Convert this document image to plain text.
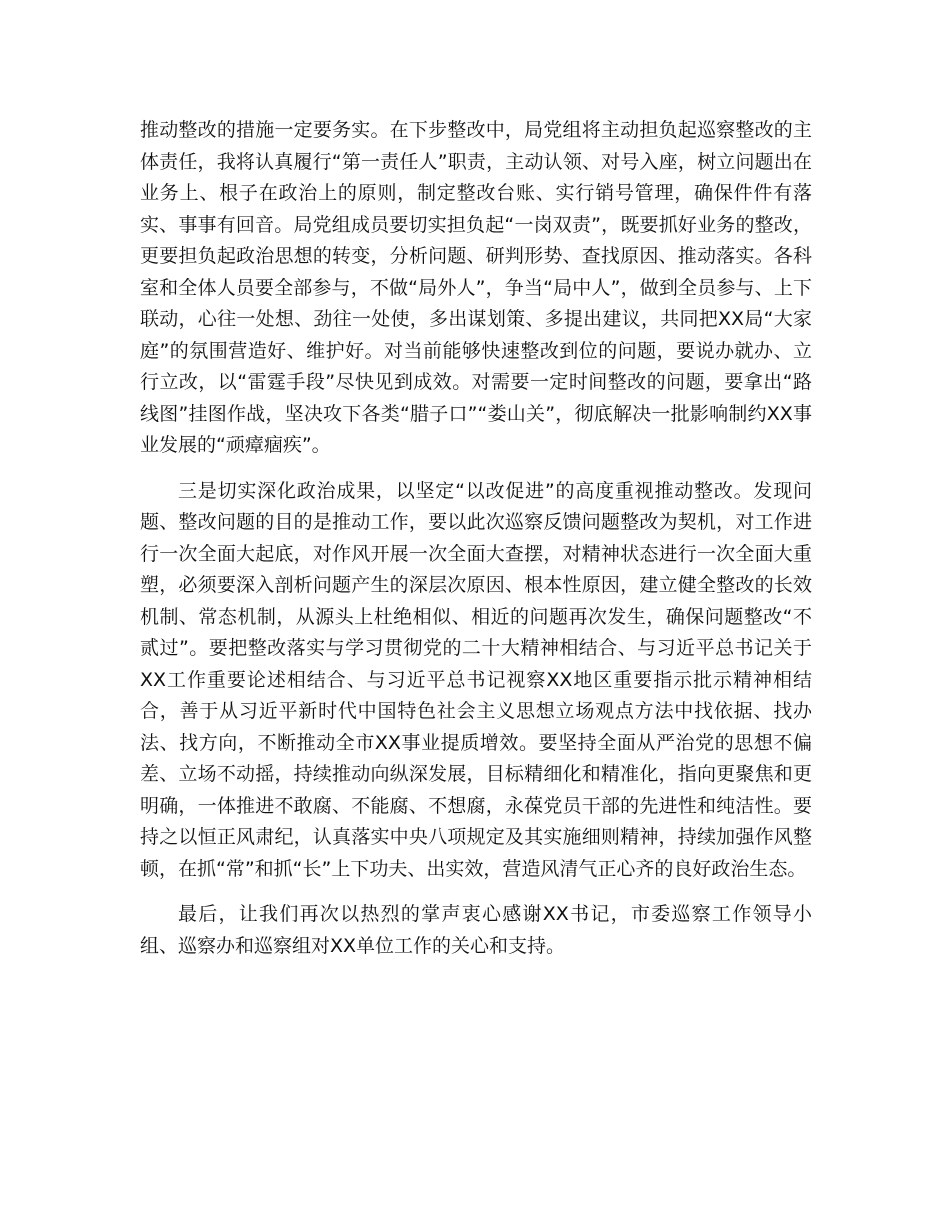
推动整改的措施一定要务实。在下步整改中，局党组将主动担负起巡察整改的主体责任，我将认真履行“第一责任人”职责，主动认领、对号入座，树立问题出在业务上、根子在政治上的原则，制定整改台账、实行销号管理，确保件件有落实、事事有回音。局党组成员要切实担负起“一岗双责”，既要抓好业务的整改，更要担负起政治思想的转变，分析问题、研判形势、查找原因、推动落实。各科室和全体人员要全部参与，不做“局外人”，争当“局中人”，做到全员参与、上下联动，心往一处想、劲往一处使，多出谋划策、多提出建议，共同把XX局“大家庭”的氛围营造好、维护好。对当前能够快速整改到位的问题，要说办就办、立行立改，以“雷霆手段”尽快见到成效。对需要一定时间整改的问题，要拿出“路线图”挂图作战，坚决攻下各类“腊子口”“娄山关”，彻底解决一批影响制约XX事业发展的“顽瘴痼疾”。

三是切实深化政治成果，以坚定“以改促进”的高度重视推动整改。发现问题、整改问题的目的是推动工作，要以此次巡察反馈问题整改为契机，对工作进行一次全面大起底，对作风开展一次全面大查摆，对精神状态进行一次全面大重塑，必须要深入剖析问题产生的深层次原因、根本性原因，建立健全整改的长效机制、常态机制，从源头上杜绝相似、相近的问题再次发生，确保问题整改“不贰过”。要把整改落实与学习贯彻党的二十大精神相结合、与习近平总书记关于XX工作重要论述相结合、与习近平总书记视察XX地区重要指示批示精神相结合，善于从习近平新时代中国特色社会主义思想立场观点方法中找依据、找办法、找方向，不断推动全市XX事业提质增效。要坚持全面从严治党的思想不偏差、立场不动摇，持续推动向纵深发展，目标精细化和精准化，指向更聚焦和更明确，一体推进不敢腐、不能腐、不想腐，永葆党员干部的先进性和纯洁性。要持之以恒正风肃纪，认真落实中央八项规定及其实施细则精神，持续加强作风整顿，在抓“常”和抓“长”上下功夫、出实效，营造风清气正心齐的良好政治生态。

最后，让我们再次以热烈的掌声衷心感谢XX书记，市委巡察工作领导小组、巡察办和巡察组对XX单位工作的关心和支持。
